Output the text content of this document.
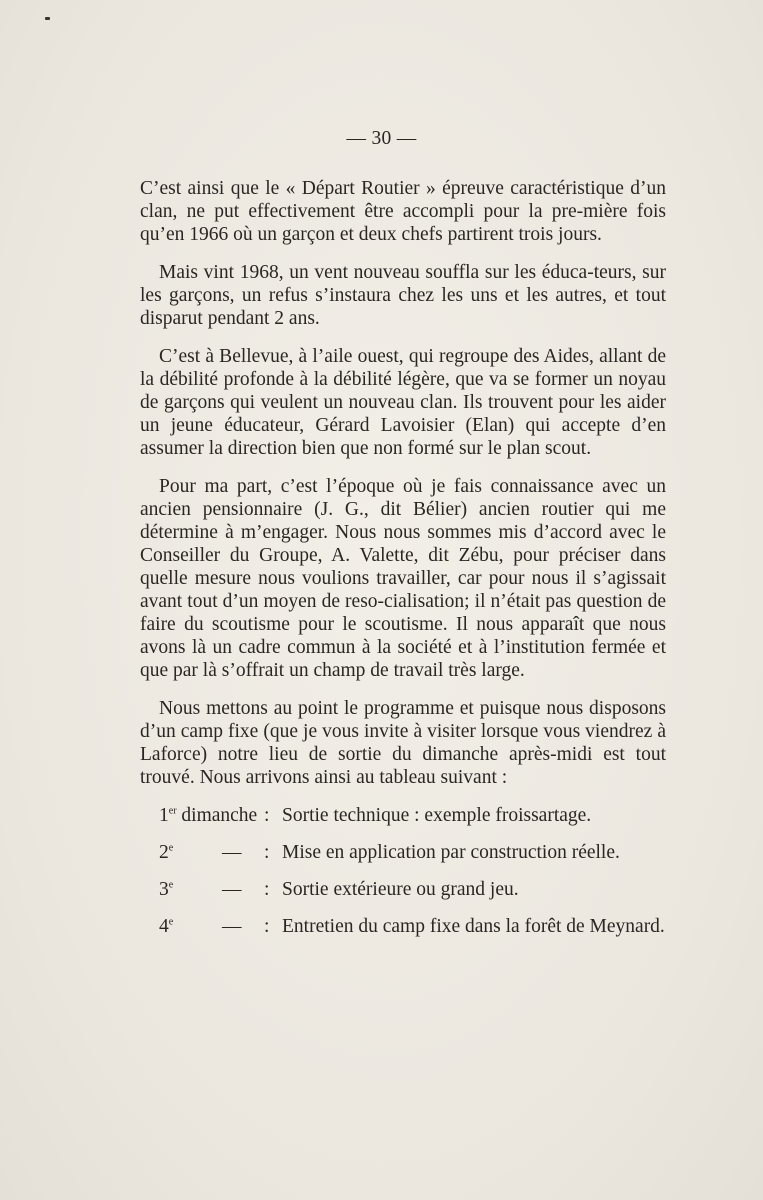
— 30 —

C’est ainsi que le « Départ Routier » épreuve caractéristique d’un clan, ne put effectivement être accompli pour la pre-mière fois qu’en 1966 où un garçon et deux chefs partirent trois jours.

Mais vint 1968, un vent nouveau souffla sur les éduca-teurs, sur les garçons, un refus s’instaura chez les uns et les autres, et tout disparut pendant 2 ans.

C’est à Bellevue, à l’aile ouest, qui regroupe des Aides, allant de la débilité profonde à la débilité légère, que va se former un noyau de garçons qui veulent un nouveau clan. Ils trouvent pour les aider un jeune éducateur, Gérard Lavoisier (Elan) qui accepte d’en assumer la direction bien que non formé sur le plan scout.

Pour ma part, c’est l’époque où je fais connaissance avec un ancien pensionnaire (J. G., dit Bélier) ancien routier qui me détermine à m’engager. Nous nous sommes mis d’accord avec le Conseiller du Groupe, A. Valette, dit Zébu, pour préciser dans quelle mesure nous voulions travailler, car pour nous il s’agissait avant tout d’un moyen de reso-cialisation; il n’était pas question de faire du scoutisme pour le scoutisme. Il nous apparaît que nous avons là un cadre commun à la société et à l’institution fermée et que par là s’offrait un champ de travail très large.

Nous mettons au point le programme et puisque nous disposons d’un camp fixe (que je vous invite à visiter lorsque vous viendrez à Laforce) notre lieu de sortie du dimanche après-midi est tout trouvé. Nous arrivons ainsi au tableau suivant :

1er dimanche : Sortie technique : exemple froissartage.
2e	— : Mise en application par construction réelle.
3e	— : Sortie extérieure ou grand jeu.
4e	— : Entretien du camp fixe dans la forêt de Meynard.
